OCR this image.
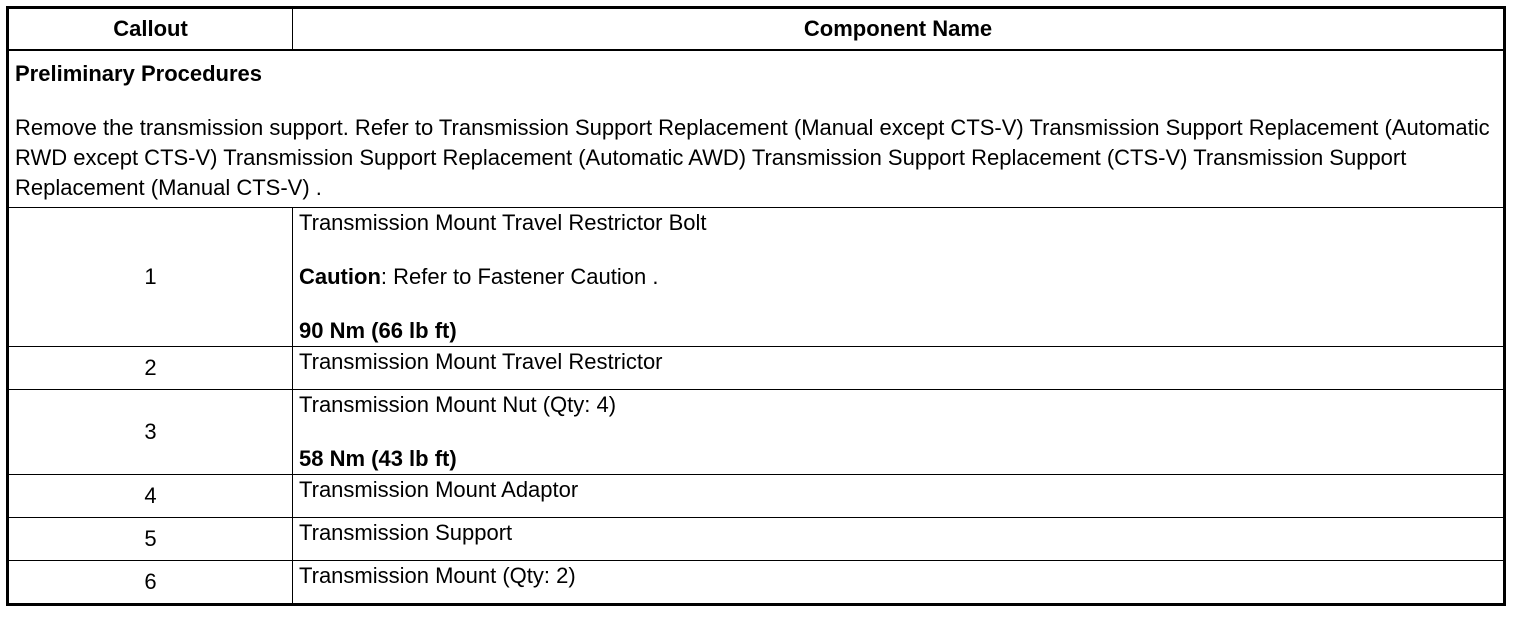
Callout	Component Name

Preliminary Procedures
Remove the transmission support. Refer to Transmission Support Replacement (Manual except CTS-V) Transmission Support Replacement (Automatic RWD except CTS-V) Transmission Support Replacement (Automatic AWD) Transmission Support Replacement (CTS-V) Transmission Support Replacement (Manual CTS-V) .	

1	Transmission Mount Travel Restrictor Bolt
Caution: Refer to Fastener Caution .
90 Nm (66 lb ft)

2	Transmission Mount Travel Restrictor
3	Transmission Mount Nut (Qty: 4)
58 Nm (43 lb ft)

4	Transmission Mount Adaptor
5	Transmission Support
6	Transmission Mount (Qty: 2)
